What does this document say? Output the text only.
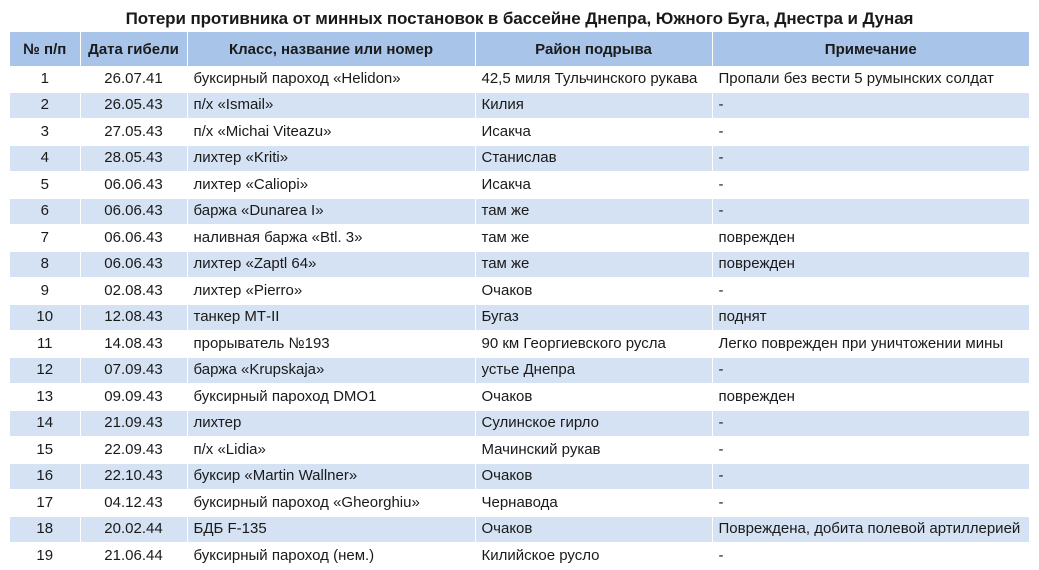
Потери противника от минных постановок в бассейне Днепра, Южного Буга, Днестра и Дуная
№ п/п	Дата гибели	Класс, название или номер	Район подрыва	Примечание
1	26.07.41	буксирный пароход «Helidon»	42,5 миля Тульчинского рукава	Пропали без вести 5 румынских солдат
2	26.05.43	п/х «Ismail»	Килия	-
3	27.05.43	п/х «Michai Viteazu»	Исакча	-
4	28.05.43	лихтер «Kriti»	Станислав	-
5	06.06.43	лихтер «Caliopi»	Исакча	-
6	06.06.43	баржа «Dunarea I»	там же	-
7	06.06.43	наливная баржа «Btl. 3»	там же	поврежден
8	06.06.43	лихтер «Zaptl 64»	там же	поврежден
9	02.08.43	лихтер «Pierro»	Очаков	-
10	12.08.43	танкер МТ-II	Бугаз	поднят
11	14.08.43	прорыватель №193	90 км Георгиевского русла	Легко поврежден при уничтожении мины
12	07.09.43	баржа «Krupskaja»	устье Днепра	-
13	09.09.43	буксирный пароход DMO1	Очаков	поврежден
14	21.09.43	лихтер	Сулинское гирло	-
15	22.09.43	п/х «Lidia»	Мачинский рукав	-
16	22.10.43	буксир «Martin Wallner»	Очаков	-
17	04.12.43	буксирный пароход «Gheorghiu»	Чернавода	-
18	20.02.44	БДБ F-135	Очаков	Повреждена, добита полевой артиллерией
19	21.06.44	буксирный пароход (нем.)	Килийское русло	-
